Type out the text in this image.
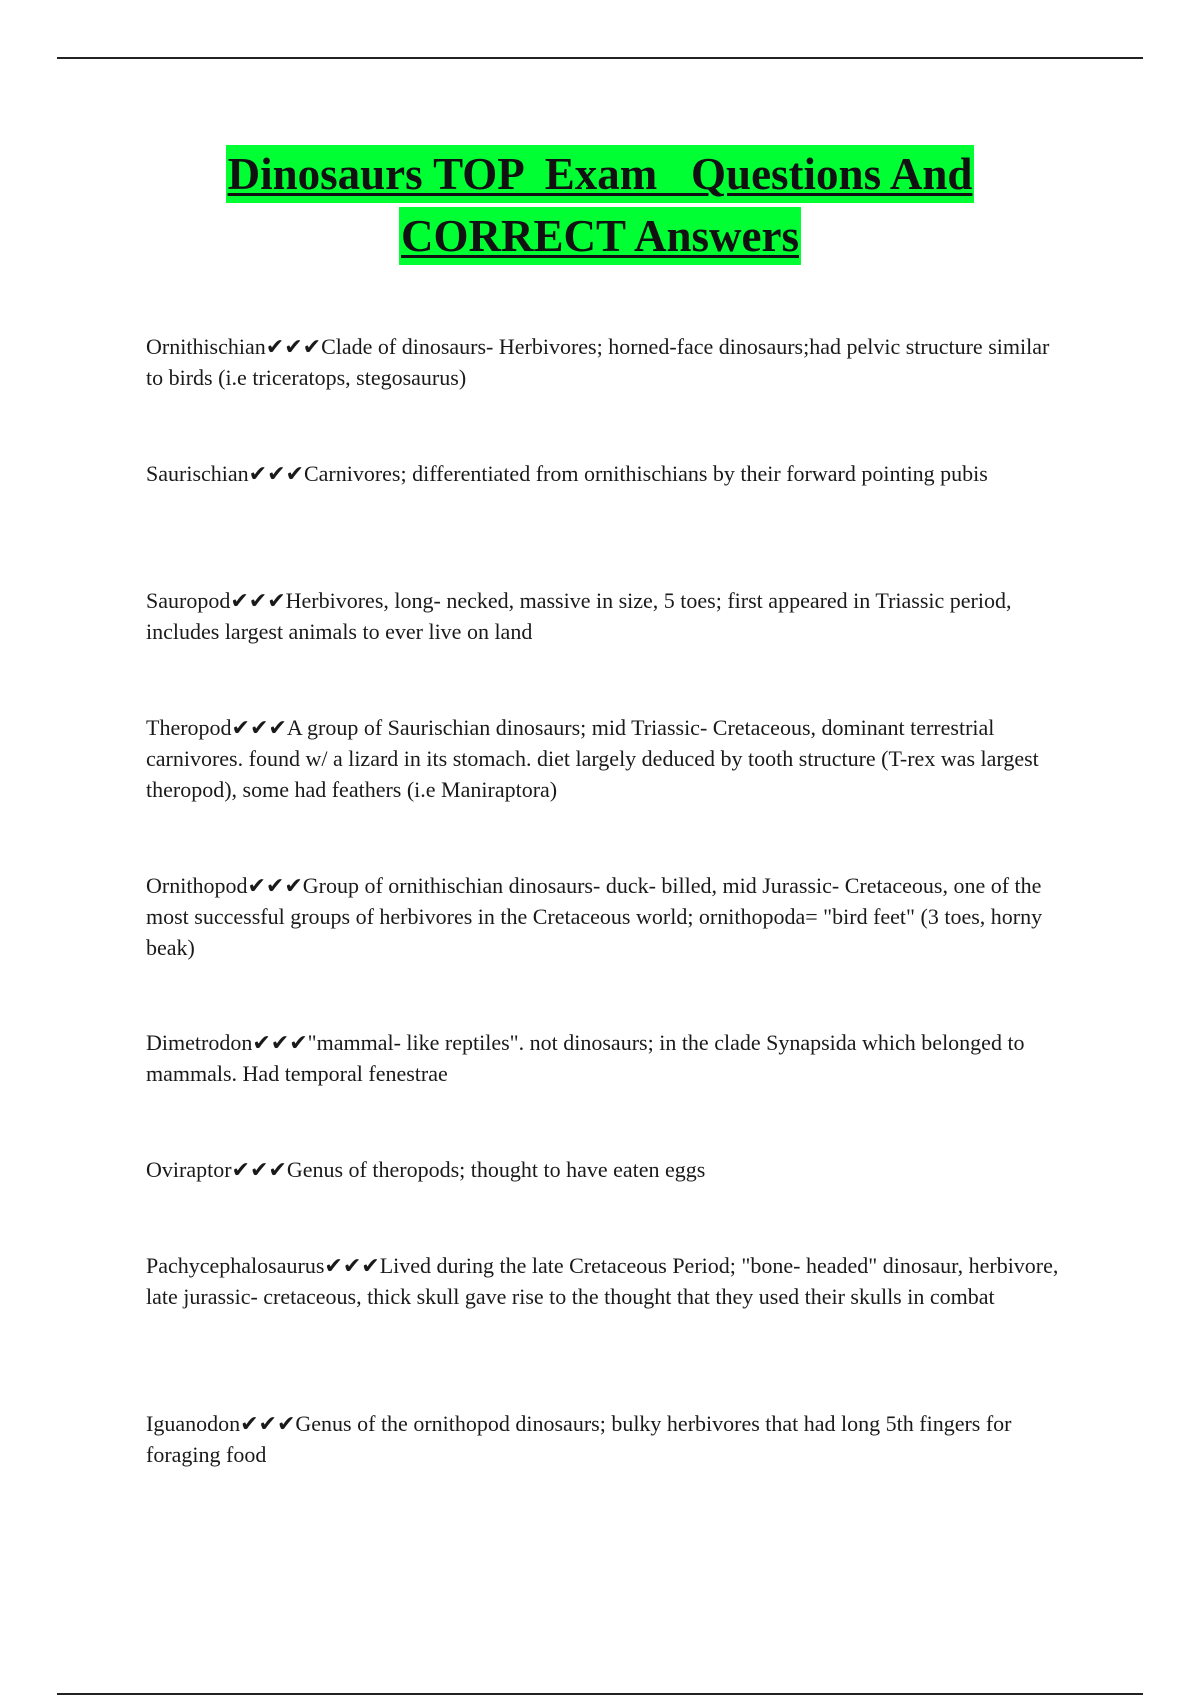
Dinosaurs TOP  Exam   Questions And
CORRECT Answers
Ornithischian✔✔✔Clade of dinosaurs- Herbivores; horned-face dinosaurs;had pelvic structure similar to birds (i.e triceratops, stegosaurus)
Saurischian✔✔✔Carnivores; differentiated from ornithischians by their forward pointing pubis
Sauropod✔✔✔Herbivores, long- necked, massive in size, 5 toes; first appeared in Triassic period, includes largest animals to ever live on land
Theropod✔✔✔A group of Saurischian dinosaurs; mid Triassic- Cretaceous, dominant terrestrial carnivores. found w/ a lizard in its stomach. diet largely deduced by tooth structure (T-rex was largest theropod), some had feathers (i.e Maniraptora)
Ornithopod✔✔✔Group of ornithischian dinosaurs- duck- billed, mid Jurassic- Cretaceous, one of the most successful groups of herbivores in the Cretaceous world; ornithopoda= "bird feet" (3 toes, horny beak)
Dimetrodon✔✔✔"mammal- like reptiles". not dinosaurs; in the clade Synapsida which belonged to mammals. Had temporal fenestrae
Oviraptor✔✔✔Genus of theropods; thought to have eaten eggs
Pachycephalosaurus✔✔✔Lived during the late Cretaceous Period; "bone- headed" dinosaur, herbivore, late jurassic- cretaceous, thick skull gave rise to the thought that they used their skulls in combat
Iguanodon✔✔✔Genus of the ornithopod dinosaurs; bulky herbivores that had long 5th fingers for foraging food
